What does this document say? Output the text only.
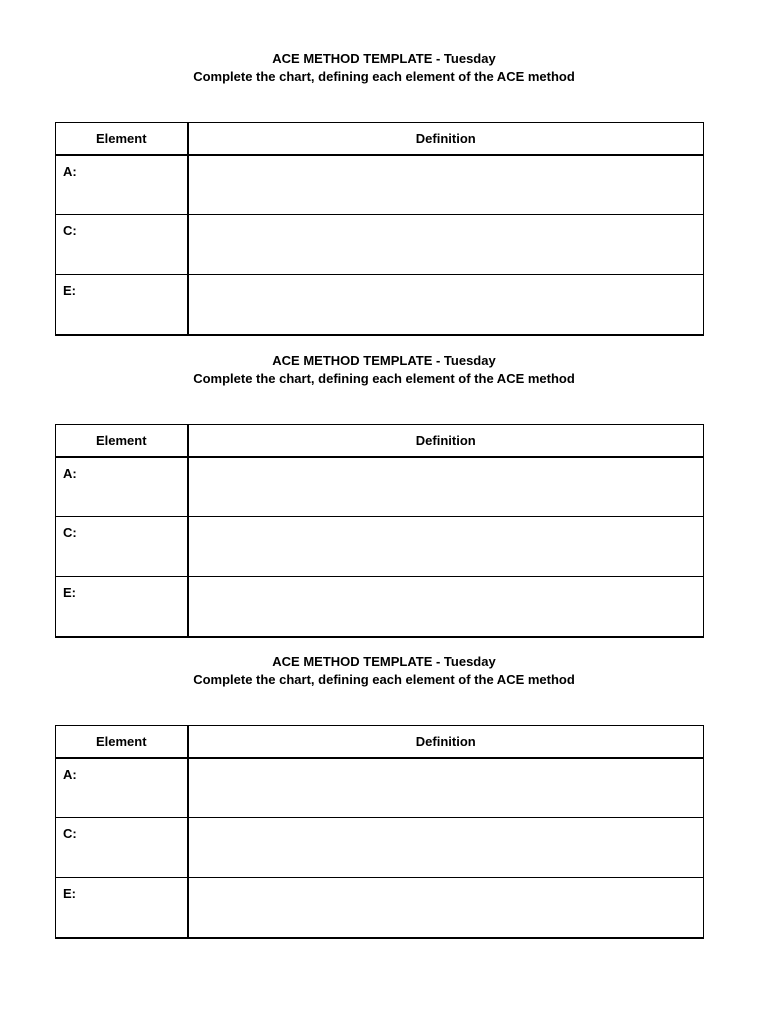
ACE METHOD TEMPLATE - Tuesday
Complete the chart, defining each element of the ACE method
Element	Definition
A:	
C:	
E:	
ACE METHOD TEMPLATE - Tuesday
Complete the chart, defining each element of the ACE method
Element	Definition
A:	
C:	
E:	
ACE METHOD TEMPLATE - Tuesday
Complete the chart, defining each element of the ACE method
Element	Definition
A:	
C:	
E:	
